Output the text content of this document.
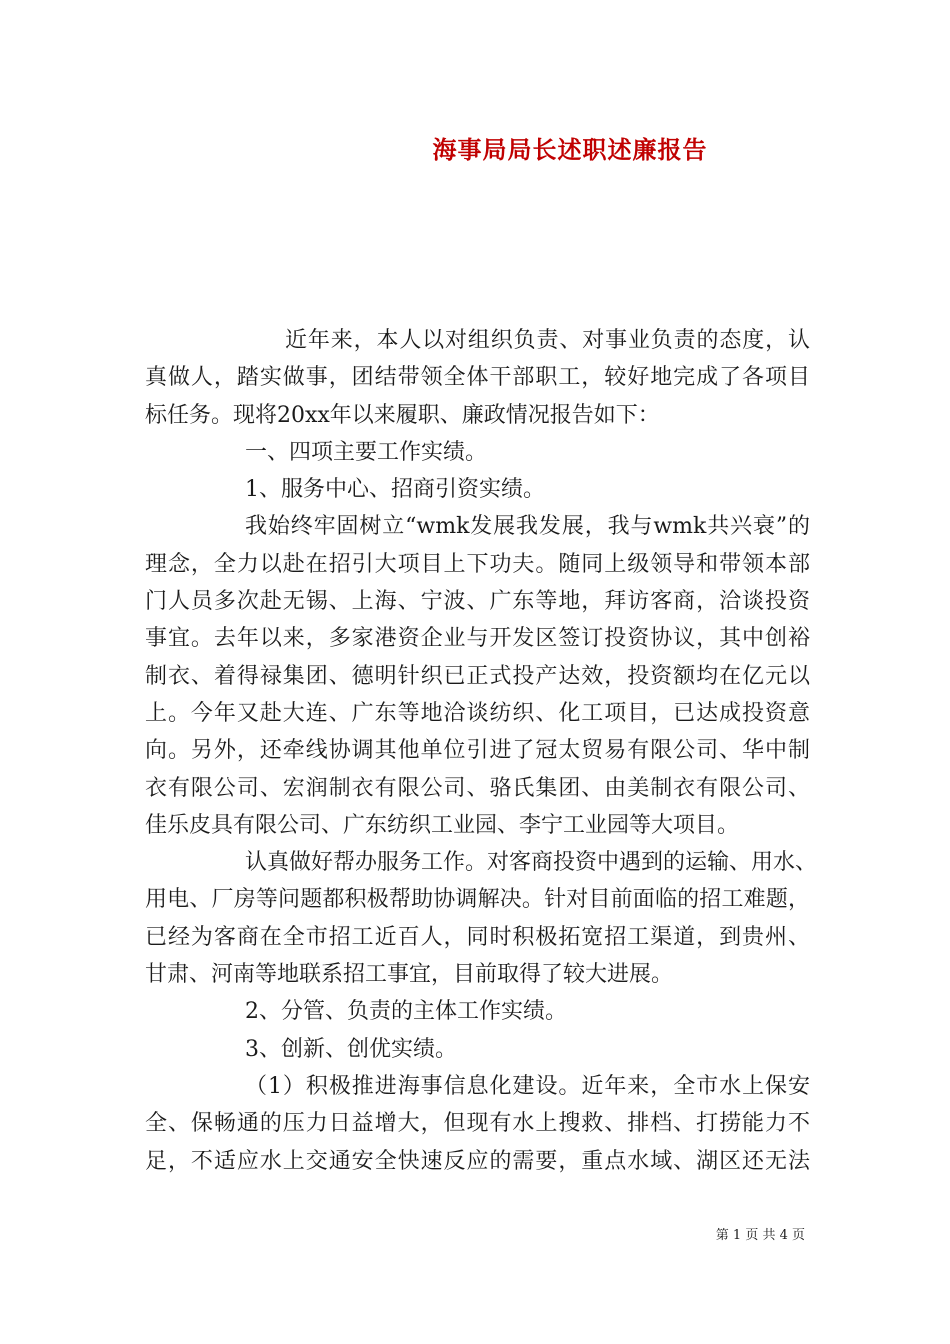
海事局局长述职述廉报告

近年来，本人以对组织负责、对事业负责的态度，认

真做人，踏实做事，团结带领全体干部职工，较好地完成了各项目

标任务。现将20xx年以来履职、廉政情况报告如下：

一、四项主要工作实绩。

1、服务中心、招商引资实绩。

我始终牢固树立“wmk发展我发展，我与wmk共兴衰”的

理念，全力以赴在招引大项目上下功夫。随同上级领导和带领本部

门人员多次赴无锡、上海、宁波、广东等地，拜访客商，洽谈投资

事宜。去年以来，多家港资企业与开发区签订投资协议，其中创裕

制衣、着得禄集团、德明针织已正式投产达效，投资额均在亿元以

上。今年又赴大连、广东等地洽谈纺织、化工项目，已达成投资意

向。另外，还牵线协调其他单位引进了冠太贸易有限公司、华中制

衣有限公司、宏润制衣有限公司、骆氏集团、由美制衣有限公司、

佳乐皮具有限公司、广东纺织工业园、李宁工业园等大项目。

认真做好帮办服务工作。对客商投资中遇到的运输、用水、

用电、厂房等问题都积极帮助协调解决。针对目前面临的招工难题，

已经为客商在全市招工近百人，同时积极拓宽招工渠道，到贵州、

甘肃、河南等地联系招工事宜，目前取得了较大进展。

2、分管、负责的主体工作实绩。

3、创新、创优实绩。

（1）积极推进海事信息化建设。近年来，全市水上保安

全、保畅通的压力日益增大，但现有水上搜救、排档、打捞能力不

足，不适应水上交通安全快速反应的需要，重点水域、湖区还无法

第 1 页 共 4 页
